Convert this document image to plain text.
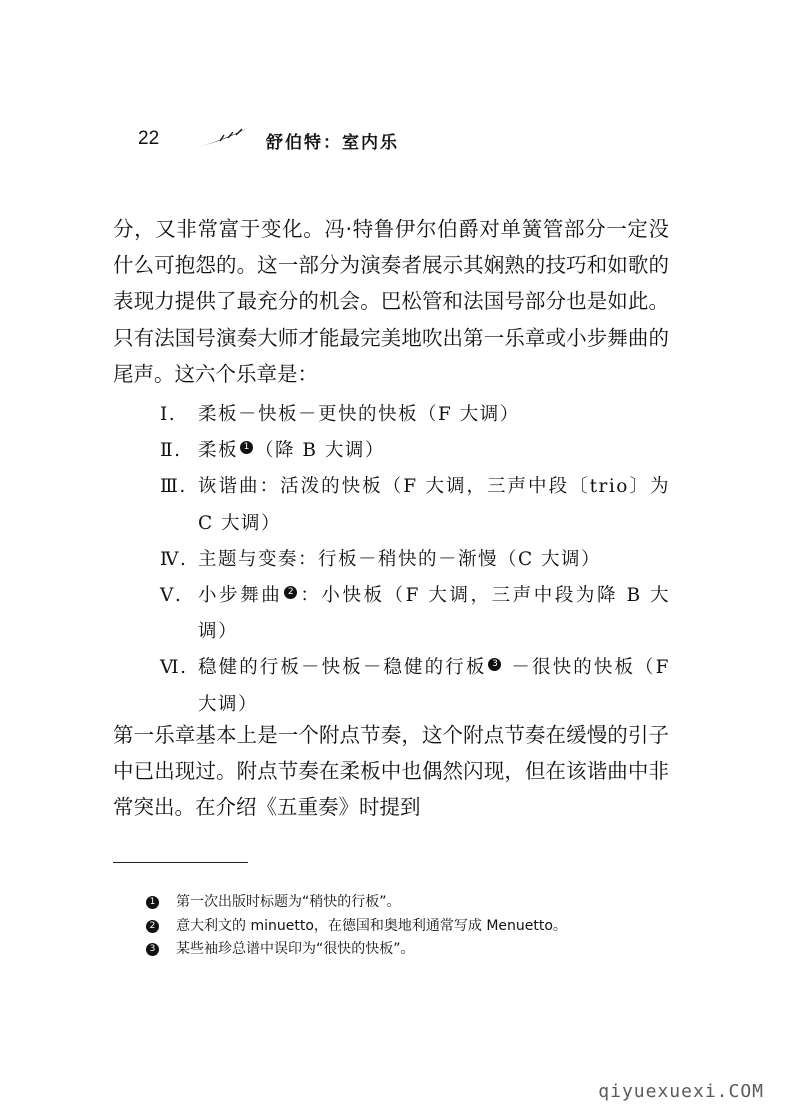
22	舒伯特：室内乐

分，又非常富于变化。冯·特鲁伊尔伯爵对单簧管部分一定没什么可抱怨的。这一部分为演奏者展示其娴熟的技巧和如歌的表现力提供了最充分的机会。巴松管和法国号部分也是如此。只有法国号演奏大师才能最完美地吹出第一乐章或小步舞曲的尾声。这六个乐章是：

Ⅰ. 柔板－快板－更快的快板（F 大调）
Ⅱ. 柔板 1 （降 B 大调）
Ⅲ. 诙谐曲：活泼的快板（F 大调，三声中段〔trio〕为 C 大调）
Ⅳ. 主题与变奏：行板－稍快的－渐慢（C 大调）
Ⅴ. 小步舞曲 2 ：小快板（F 大调，三声中段为降 B 大调）
Ⅵ. 稳健的行板－快板－稳健的行板 3 －很快的快板（F 大调）

第一乐章基本上是一个附点节奏，这个附点节奏在缓慢的引子中已出现过。附点节奏在柔板中也偶然闪现，但在该谐曲中非常突出。在介绍《五重奏》时提到

1 第一次出版时标题为“稍快的行板”。
2 意大利文的 minuetto，在德国和奥地利通常写成 Menuetto。
3 某些袖珍总谱中误印为“很快的快板”。
qiyuexuexi.COM
